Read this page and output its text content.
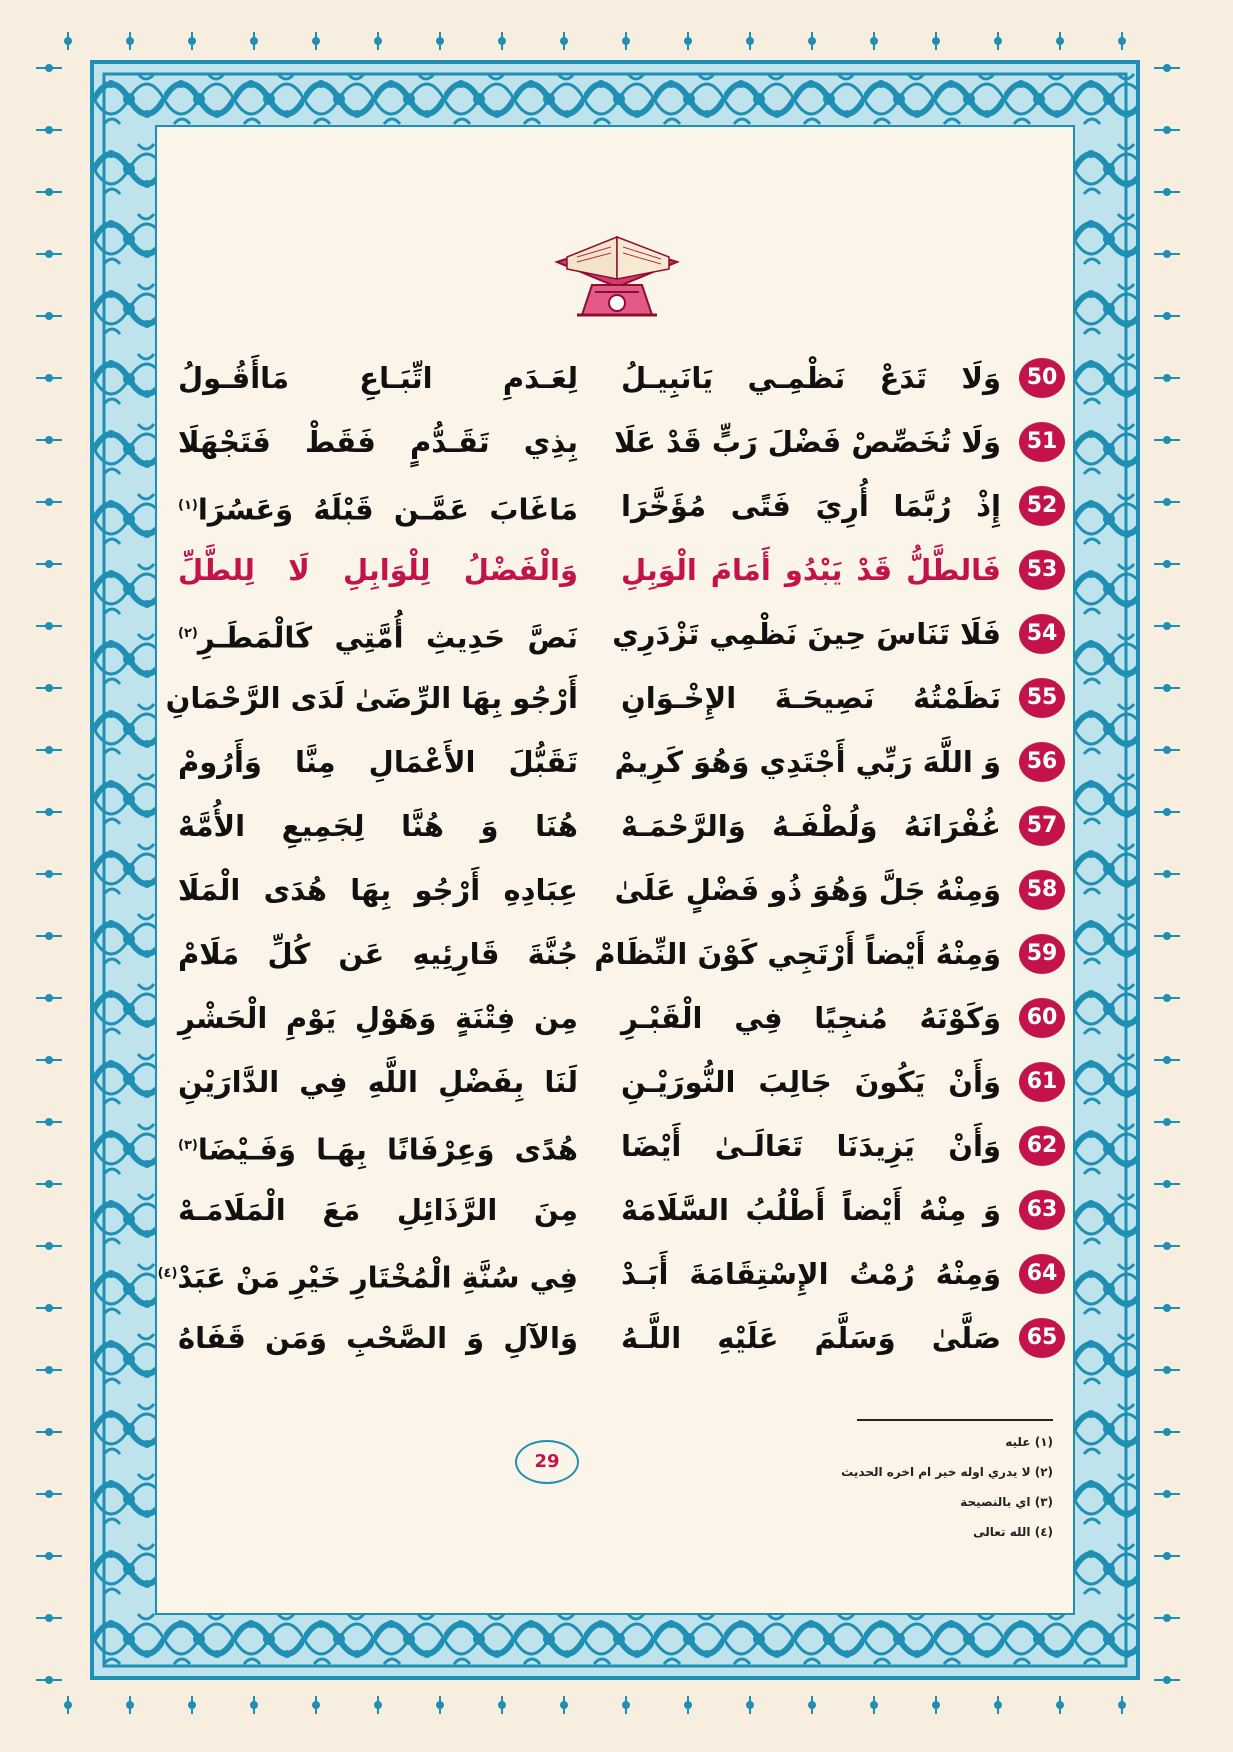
50
وَلَا تَدَعْ نَظْمِـي يَانَبِيـلُ
لِعَـدَمِ اتِّبَـاعِ مَاأَقُـولُ
51
وَلَا تُخَصِّصْ فَضْلَ رَبٍّ قَدْ عَلَا
بِذِي تَقَـدُّمٍ فَقَطْ فَتَجْهَلَا
52
إِذْ رُبَّمَا أُرِيَ فَتًى مُؤَخَّرَا
مَاغَابَ عَمَّـن قَبْلَهُ وَعَسُرَا$^{(١)}$
53
فَالطَّلُّ قَدْ يَبْدُو أَمَامَ الْوَبِلِ
وَالْفَضْلُ لِلْوَابِلِ لَا لِلطَّلِّ
54
فَلَا تَنَاسَ حِينَ نَظْمِي تَزْدَرِي
نَصَّ حَدِيثِ أُمَّتِي كَالْمَطَـرِ$^{(٢)}$
55
نَظَمْتُهُ نَصِيحَـةَ الإِخْـوَانِ
أَرْجُو بِهَا الرِّضَىٰ لَدَى الرَّحْمَانِ
56
وَ اللَّهَ رَبِّي أَجْتَدِي وَهُوَ كَرِيمْ
تَقَبُّلَ الأَعْمَالِ مِنَّا وَأَرُومْ
57
غُفْرَانَهُ وَلُطْفَـهُ وَالرَّحْمَـهْ
هُنَا وَ هُنَّا لِجَمِيعِ الأُمَّهْ
58
وَمِنْهُ جَلَّ وَهُوَ ذُو فَضْلٍ عَلَىٰ
عِبَادِهِ أَرْجُو بِهَا هُدَى الْمَلَا
59
وَمِنْهُ أَيْضاً أَرْتَجِي كَوْنَ النِّظَامْ
جُنَّةَ قَارِئِيهِ عَن كُلِّ مَلَامْ
60
وَكَوْنَهُ مُنجِيًا فِي الْقَبْـرِ
مِن فِتْنَةٍ وَهَوْلِ يَوْمِ الْحَشْرِ
61
وَأَنْ يَكُونَ جَالِبَ النُّورَيْـنِ
لَنَا بِفَضْلِ اللَّهِ فِي الدَّارَيْنِ
62
وَأَنْ يَزِيدَنَا تَعَالَـىٰ أَيْضَا
هُدًى وَعِرْفَانًا بِهَـا وَفَـيْضَا$^{(٣)}$
63
وَ مِنْهُ أَيْضاً أَطْلُبُ السَّلَامَهْ
مِنَ الرَّذَائِلِ مَعَ الْمَلَامَـهْ
64
وَمِنْهُ رُمْتُ الإِسْتِقَامَةَ أَبَـدْ
فِي سُنَّةِ الْمُخْتَارِ خَيْرِ مَنْ عَبَدْ$^{(٤)}$
65
صَلَّىٰ وَسَلَّمَ عَلَيْهِ اللَّـهُ
وَالآلِ وَ الصَّحْبِ وَمَن قَفَاهُ
(١) عليه
(٢) لا يدري اوله خير ام اخره الحديث
(٣) اي بالنصيحة
(٤) الله تعالى
29
